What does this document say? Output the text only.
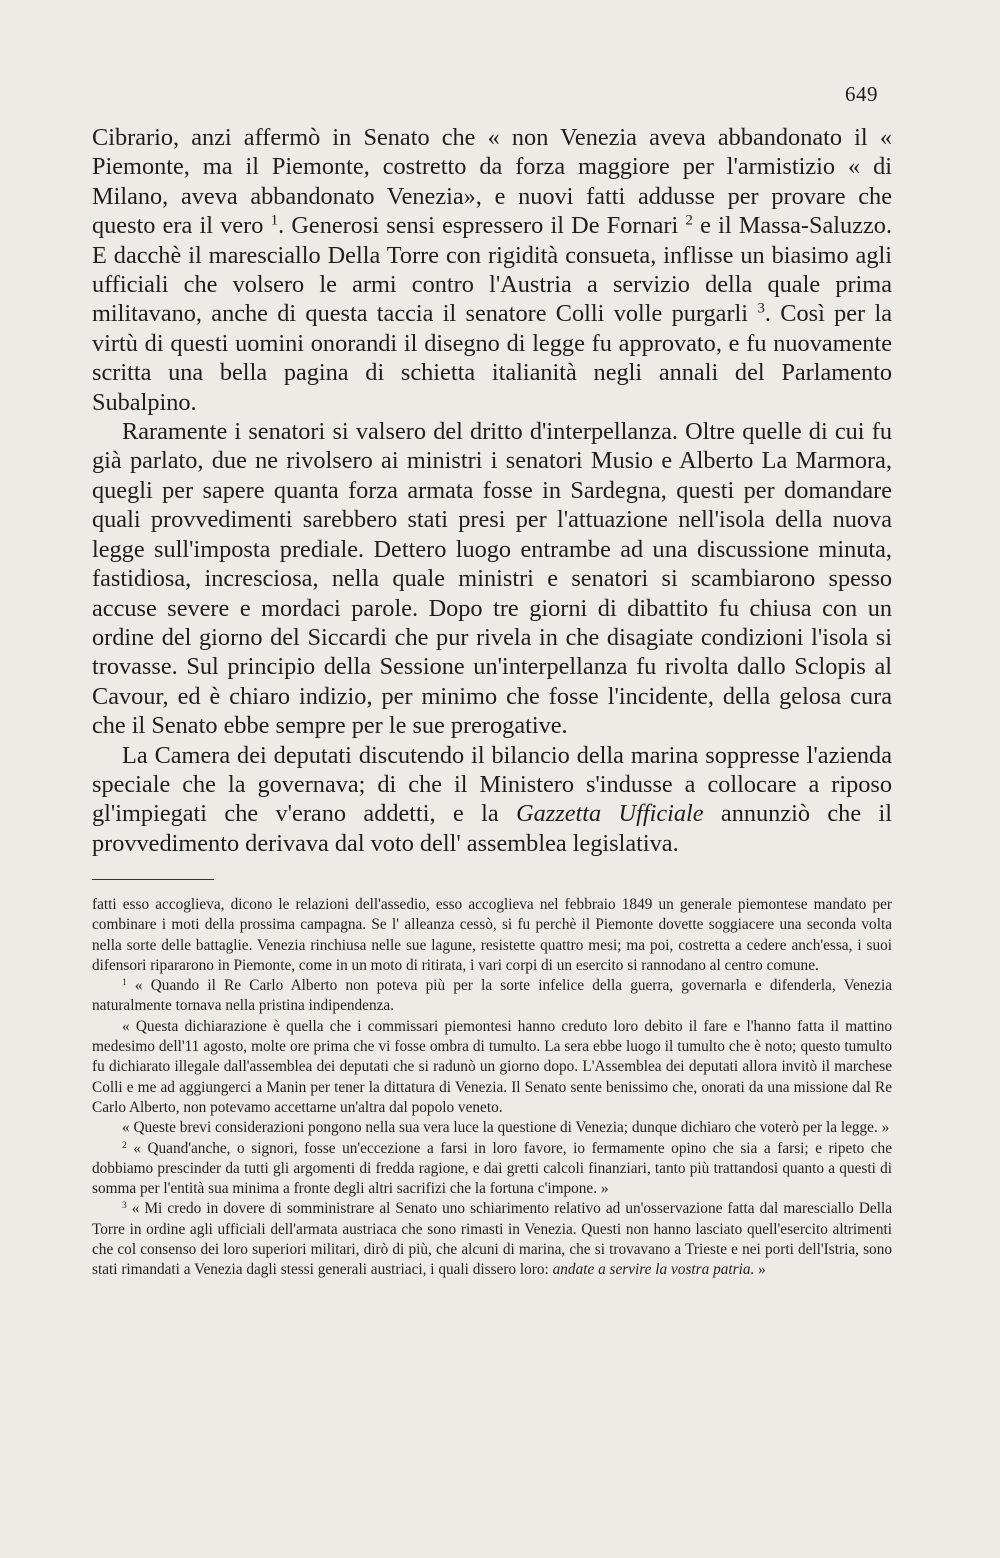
649

Cibrario, anzi affermò in Senato che « non Venezia aveva abbandonato il « Piemonte, ma il Piemonte, costretto da forza maggiore per l'armistizio « di Milano, aveva abbandonato Venezia», e nuovi fatti addusse per provare che questo era il vero $^1$. Generosi sensi espressero il De Fornari $^2$ e il Massa-Saluzzo. E dacchè il maresciallo Della Torre con rigidità consueta, inflisse un biasimo agli ufficiali che volsero le armi contro l'Austria a servizio della quale prima militavano, anche di questa taccia il senatore Colli volle purgarli $^3$. Così per la virtù di questi uomini onorandi il disegno di legge fu approvato, e fu nuovamente scritta una bella pagina di schietta italianità negli annali del Parlamento Subalpino.

Raramente i senatori si valsero del dritto d'interpellanza. Oltre quelle di cui fu già parlato, due ne rivolsero ai ministri i senatori Musio e Alberto La Marmora, quegli per sapere quanta forza armata fosse in Sardegna, questi per domandare quali provvedimenti sarebbero stati presi per l'attuazione nell'isola della nuova legge sull'imposta prediale. Dettero luogo entrambe ad una discussione minuta, fastidiosa, incresciosa, nella quale ministri e senatori si scambiarono spesso accuse severe e mordaci parole. Dopo tre giorni di dibattito fu chiusa con un ordine del giorno del Siccardi che pur rivela in che disagiate condizioni l'isola si trovasse. Sul principio della Sessione un'interpellanza fu rivolta dallo Sclopis al Cavour, ed è chiaro indizio, per minimo che fosse l'incidente, della gelosa cura che il Senato ebbe sempre per le sue prerogative.

La Camera dei deputati discutendo il bilancio della marina soppresse l'azienda speciale che la governava; di che il Ministero s'indusse a collocare a riposo gl'impiegati che v'erano addetti, e la Gazzetta Ufficiale annunziò che il provvedimento derivava dal voto dell' assemblea legislativa.

fatti esso accoglieva, dicono le relazioni dell'assedio, esso accoglieva nel febbraio 1849 un generale piemontese mandato per combinare i moti della prossima campagna. Se l' alleanza cessò, si fu perchè il Piemonte dovette soggiacere una seconda volta nella sorte delle battaglie. Venezia rinchiusa nelle sue lagune, resistette quattro mesi; ma poi, costretta a cedere anch'essa, i suoi difensori ripararono in Piemonte, come in un moto di ritirata, i vari corpi di un esercito si rannodano al centro comune.

$^1$ « Quando il Re Carlo Alberto non poteva più per la sorte infelice della guerra, governarla e difenderla, Venezia naturalmente tornava nella pristina indipendenza.

« Questa dichiarazione è quella che i commissari piemontesi hanno creduto loro debito il fare e l'hanno fatta il mattino medesimo dell'11 agosto, molte ore prima che vi fosse ombra di tumulto. La sera ebbe luogo il tumulto che è noto; questo tumulto fu dichiarato illegale dall'assemblea dei deputati che si radunò un giorno dopo. L'Assemblea dei deputati allora invitò il marchese Colli e me ad aggiungerci a Manin per tener la dittatura di Venezia. Il Senato sente benissimo che, onorati da una missione dal Re Carlo Alberto, non potevamo accettarne un'altra dal popolo veneto.

« Queste brevi considerazioni pongono nella sua vera luce la questione di Venezia; dunque dichiaro che voterò per la legge. »

$^2$ « Quand'anche, o signori, fosse un'eccezione a farsi in loro favore, io fermamente opino che sia a farsi; e ripeto che dobbiamo prescinder da tutti gli argomenti di fredda ragione, e dai gretti calcoli finanziari, tanto più trattandosi quanto a questi di somma per l'entità sua minima a fronte degli altri sacrifizi che la fortuna c'impone. »

$^3$ « Mi credo in dovere di somministrare al Senato uno schiarimento relativo ad un'osservazione fatta dal maresciallo Della Torre in ordine agli ufficiali dell'armata austriaca che sono rimasti in Venezia. Questi non hanno lasciato quell'esercito altrimenti che col consenso dei loro superiori militari, dirò di più, che alcuni di marina, che si trovavano a Trieste e nei porti dell'Istria, sono stati rimandati a Venezia dagli stessi generali austriaci, i quali dissero loro: andate a servire la vostra patria. »
